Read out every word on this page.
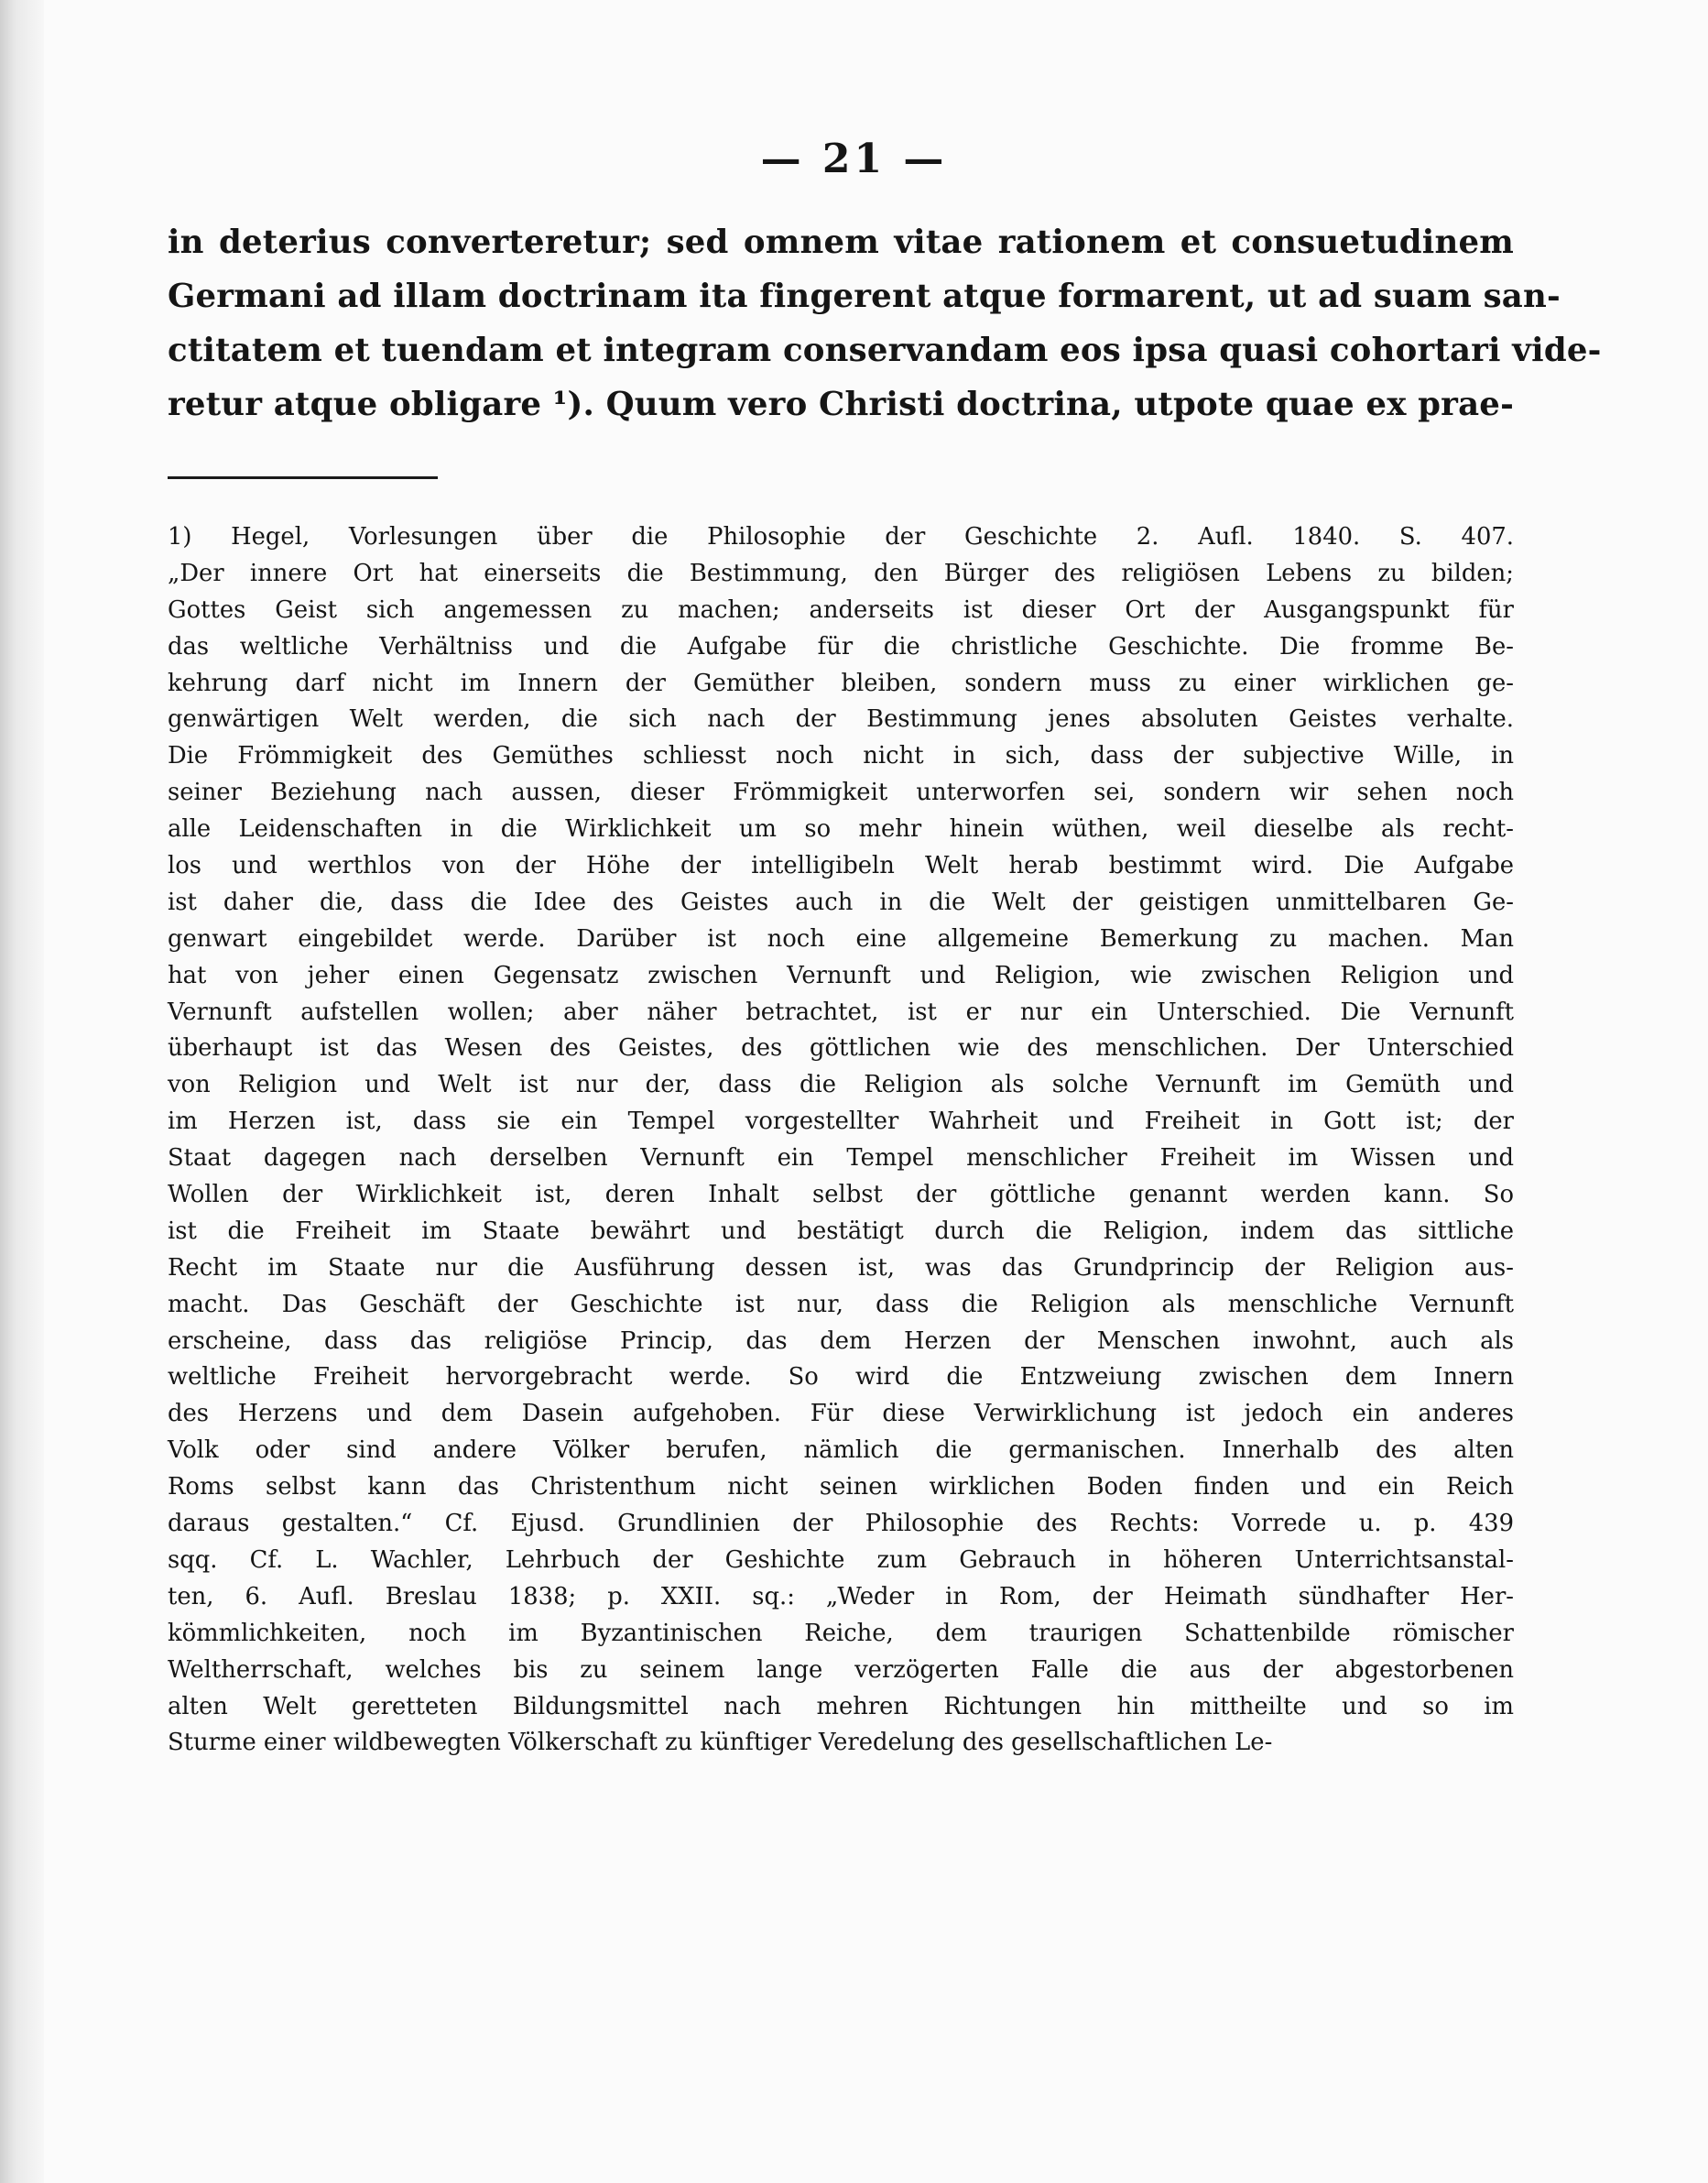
— 21 —
in deterius converteretur; sed omnem vitae rationem et consuetudinem
Germani ad illam doctrinam ita fingerent atque formarent, ut ad suam san-
ctitatem et tuendam et integram conservandam eos ipsa quasi cohortari vide-
retur atque obligare ¹). Quum vero Christi doctrina, utpote quae ex prae-
1) Hegel, Vorlesungen über die Philosophie der Geschichte 2. Aufl. 1840. S. 407.
„Der innere Ort hat einerseits die Bestimmung, den Bürger des religiösen Lebens zu bilden;
Gottes Geist sich angemessen zu machen; anderseits ist dieser Ort der Ausgangspunkt für
das weltliche Verhältniss und die Aufgabe für die christliche Geschichte. Die fromme Be-
kehrung darf nicht im Innern der Gemüther bleiben, sondern muss zu einer wirklichen ge-
genwärtigen Welt werden, die sich nach der Bestimmung jenes absoluten Geistes verhalte.
Die Frömmigkeit des Gemüthes schliesst noch nicht in sich, dass der subjective Wille, in
seiner Beziehung nach aussen, dieser Frömmigkeit unterworfen sei, sondern wir sehen noch
alle Leidenschaften in die Wirklichkeit um so mehr hinein wüthen, weil dieselbe als recht-
los und werthlos von der Höhe der intelligibeln Welt herab bestimmt wird. Die Aufgabe
ist daher die, dass die Idee des Geistes auch in die Welt der geistigen unmittelbaren Ge-
genwart eingebildet werde. Darüber ist noch eine allgemeine Bemerkung zu machen. Man
hat von jeher einen Gegensatz zwischen Vernunft und Religion, wie zwischen Religion und
Vernunft aufstellen wollen; aber näher betrachtet, ist er nur ein Unterschied. Die Vernunft
überhaupt ist das Wesen des Geistes, des göttlichen wie des menschlichen. Der Unterschied
von Religion und Welt ist nur der, dass die Religion als solche Vernunft im Gemüth und
im Herzen ist, dass sie ein Tempel vorgestellter Wahrheit und Freiheit in Gott ist; der
Staat dagegen nach derselben Vernunft ein Tempel menschlicher Freiheit im Wissen und
Wollen der Wirklichkeit ist, deren Inhalt selbst der göttliche genannt werden kann. So
ist die Freiheit im Staate bewährt und bestätigt durch die Religion, indem das sittliche
Recht im Staate nur die Ausführung dessen ist, was das Grundprincip der Religion aus-
macht. Das Geschäft der Geschichte ist nur, dass die Religion als menschliche Vernunft
erscheine, dass das religiöse Princip, das dem Herzen der Menschen inwohnt, auch als
weltliche Freiheit hervorgebracht werde. So wird die Entzweiung zwischen dem Innern
des Herzens und dem Dasein aufgehoben. Für diese Verwirklichung ist jedoch ein anderes
Volk oder sind andere Völker berufen, nämlich die germanischen. Innerhalb des alten
Roms selbst kann das Christenthum nicht seinen wirklichen Boden finden und ein Reich
daraus gestalten.“ Cf. Ejusd. Grundlinien der Philosophie des Rechts: Vorrede u. p. 439
sqq. Cf. L. Wachler, Lehrbuch der Geshichte zum Gebrauch in höheren Unterrichtsanstal-
ten, 6. Aufl. Breslau 1838; p. XXII. sq.: „Weder in Rom, der Heimath sündhafter Her-
kömmlichkeiten, noch im Byzantinischen Reiche, dem traurigen Schattenbilde römischer
Weltherrschaft, welches bis zu seinem lange verzögerten Falle die aus der abgestorbenen
alten Welt geretteten Bildungsmittel nach mehren Richtungen hin mittheilte und so im
Sturme einer wildbewegten Völkerschaft zu künftiger Veredelung des gesellschaftlichen Le-
